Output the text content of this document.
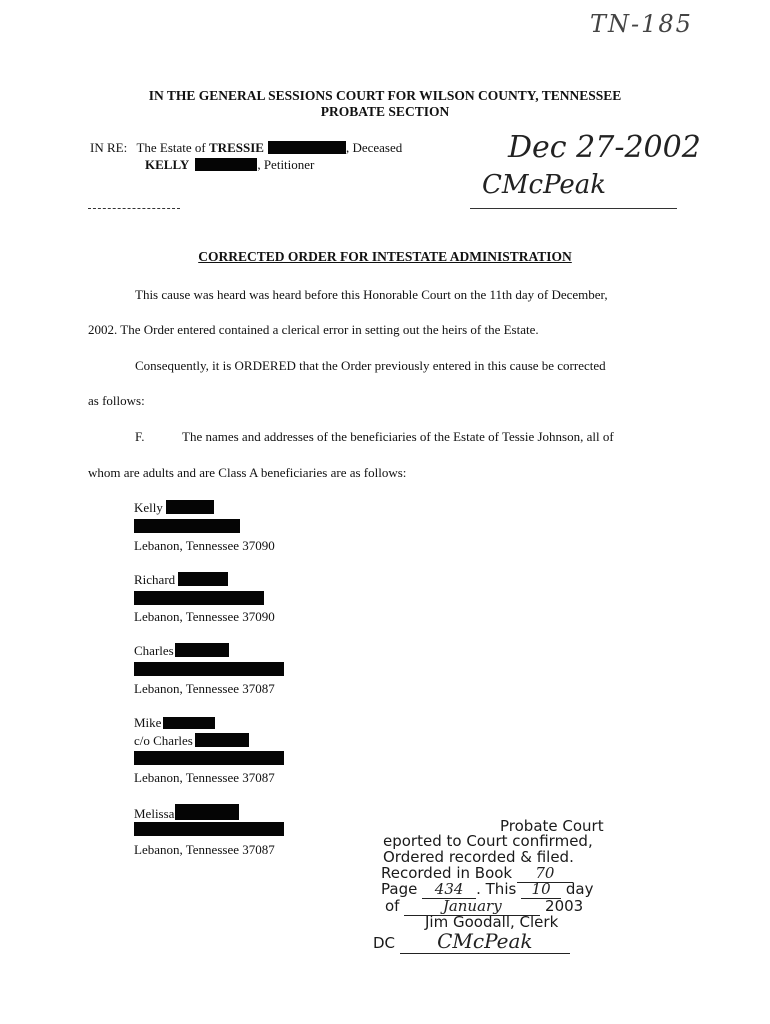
TN-185
IN THE GENERAL SESSIONS COURT FOR WILSON COUNTY, TENNESSEE
PROBATE SECTION
IN RE: The Estate of TRESSIE	, Deceased
KELLY	, Petitioner	Dec 27-2002
CMcPeak
CORRECTED ORDER FOR INTESTATE ADMINISTRATION
This cause was heard was heard before this Honorable Court on the 11th day of December,
2002. The Order entered contained a clerical error in setting out the heirs of the Estate.
Consequently, it is ORDERED that the Order previously entered in this cause be corrected
as follows:
F.	The names and addresses of the beneficiaries of the Estate of Tessie Johnson, all of
whom are adults and are Class A beneficiaries are as follows:
Kelly
Lebanon, Tennessee 37090
Richard
Lebanon, Tennessee 37090
Charles
Lebanon, Tennessee 37087
Mike
c/o Charles
Lebanon, Tennessee 37087
Melissa
Lebanon, Tennessee 37087
Probate Court
eported to Court confirmed,
Ordered recorded & filed.
Recorded in Book 70
Page 434 . This 10 day
of	January	2003
Jim Goodall, Clerk
DC CMcPeak
